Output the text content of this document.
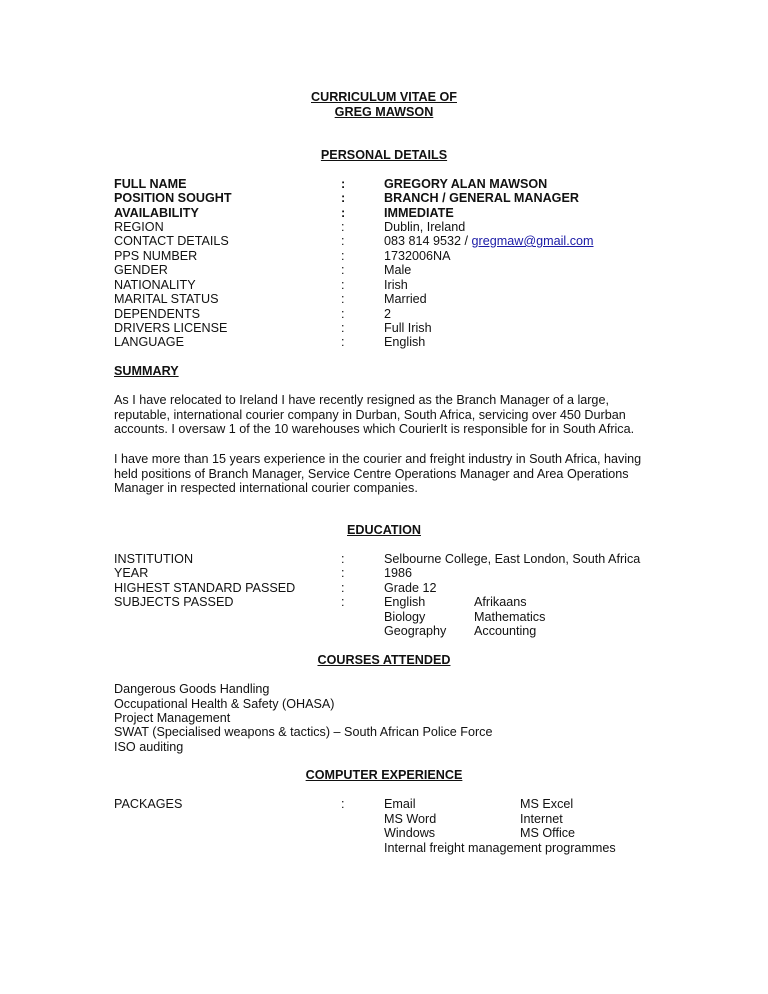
CURRICULUM VITAE OF
GREG MAWSON
PERSONAL DETAILS
FULL NAME	:	GREGORY ALAN MAWSON
POSITION SOUGHT	:	BRANCH / GENERAL MANAGER
AVAILABILITY	:	IMMEDIATE
REGION	:	Dublin, Ireland
CONTACT DETAILS	:	083 814 9532 / gregmaw@gmail.com
PPS NUMBER	:	1732006NA
GENDER	:	Male
NATIONALITY	:	Irish
MARITAL STATUS	:	Married
DEPENDENTS	:	2
DRIVERS LICENSE	:	Full Irish
LANGUAGE	:	English
SUMMARY

As I have relocated to Ireland I have recently resigned as the Branch Manager of a large, reputable, international courier company in Durban, South Africa, servicing over 450 Durban accounts. I oversaw 1 of the 10 warehouses which CourierIt is responsible for in South Africa.

I have more than 15 years experience in the courier and freight industry in South Africa, having held positions of Branch Manager, Service Centre Operations Manager and Area Operations Manager in respected international courier companies.

EDUCATION
INSTITUTION	:	Selbourne College, East London, South Africa
YEAR	:	1986
HIGHEST STANDARD PASSED	:	Grade 12
SUBJECTS PASSED	:	English	Afrikaans
Biology	Mathematics
Geography Accounting
COURSES ATTENDED
Dangerous Goods Handling
Occupational Health & Safety (OHASA)
Project Management
SWAT (Specialised weapons & tactics) – South African Police Force
ISO auditing
COMPUTER EXPERIENCE
PACKAGES	:	Email	MS Excel
MS Word	Internet
Windows	MS Office
Internal freight management programmes
